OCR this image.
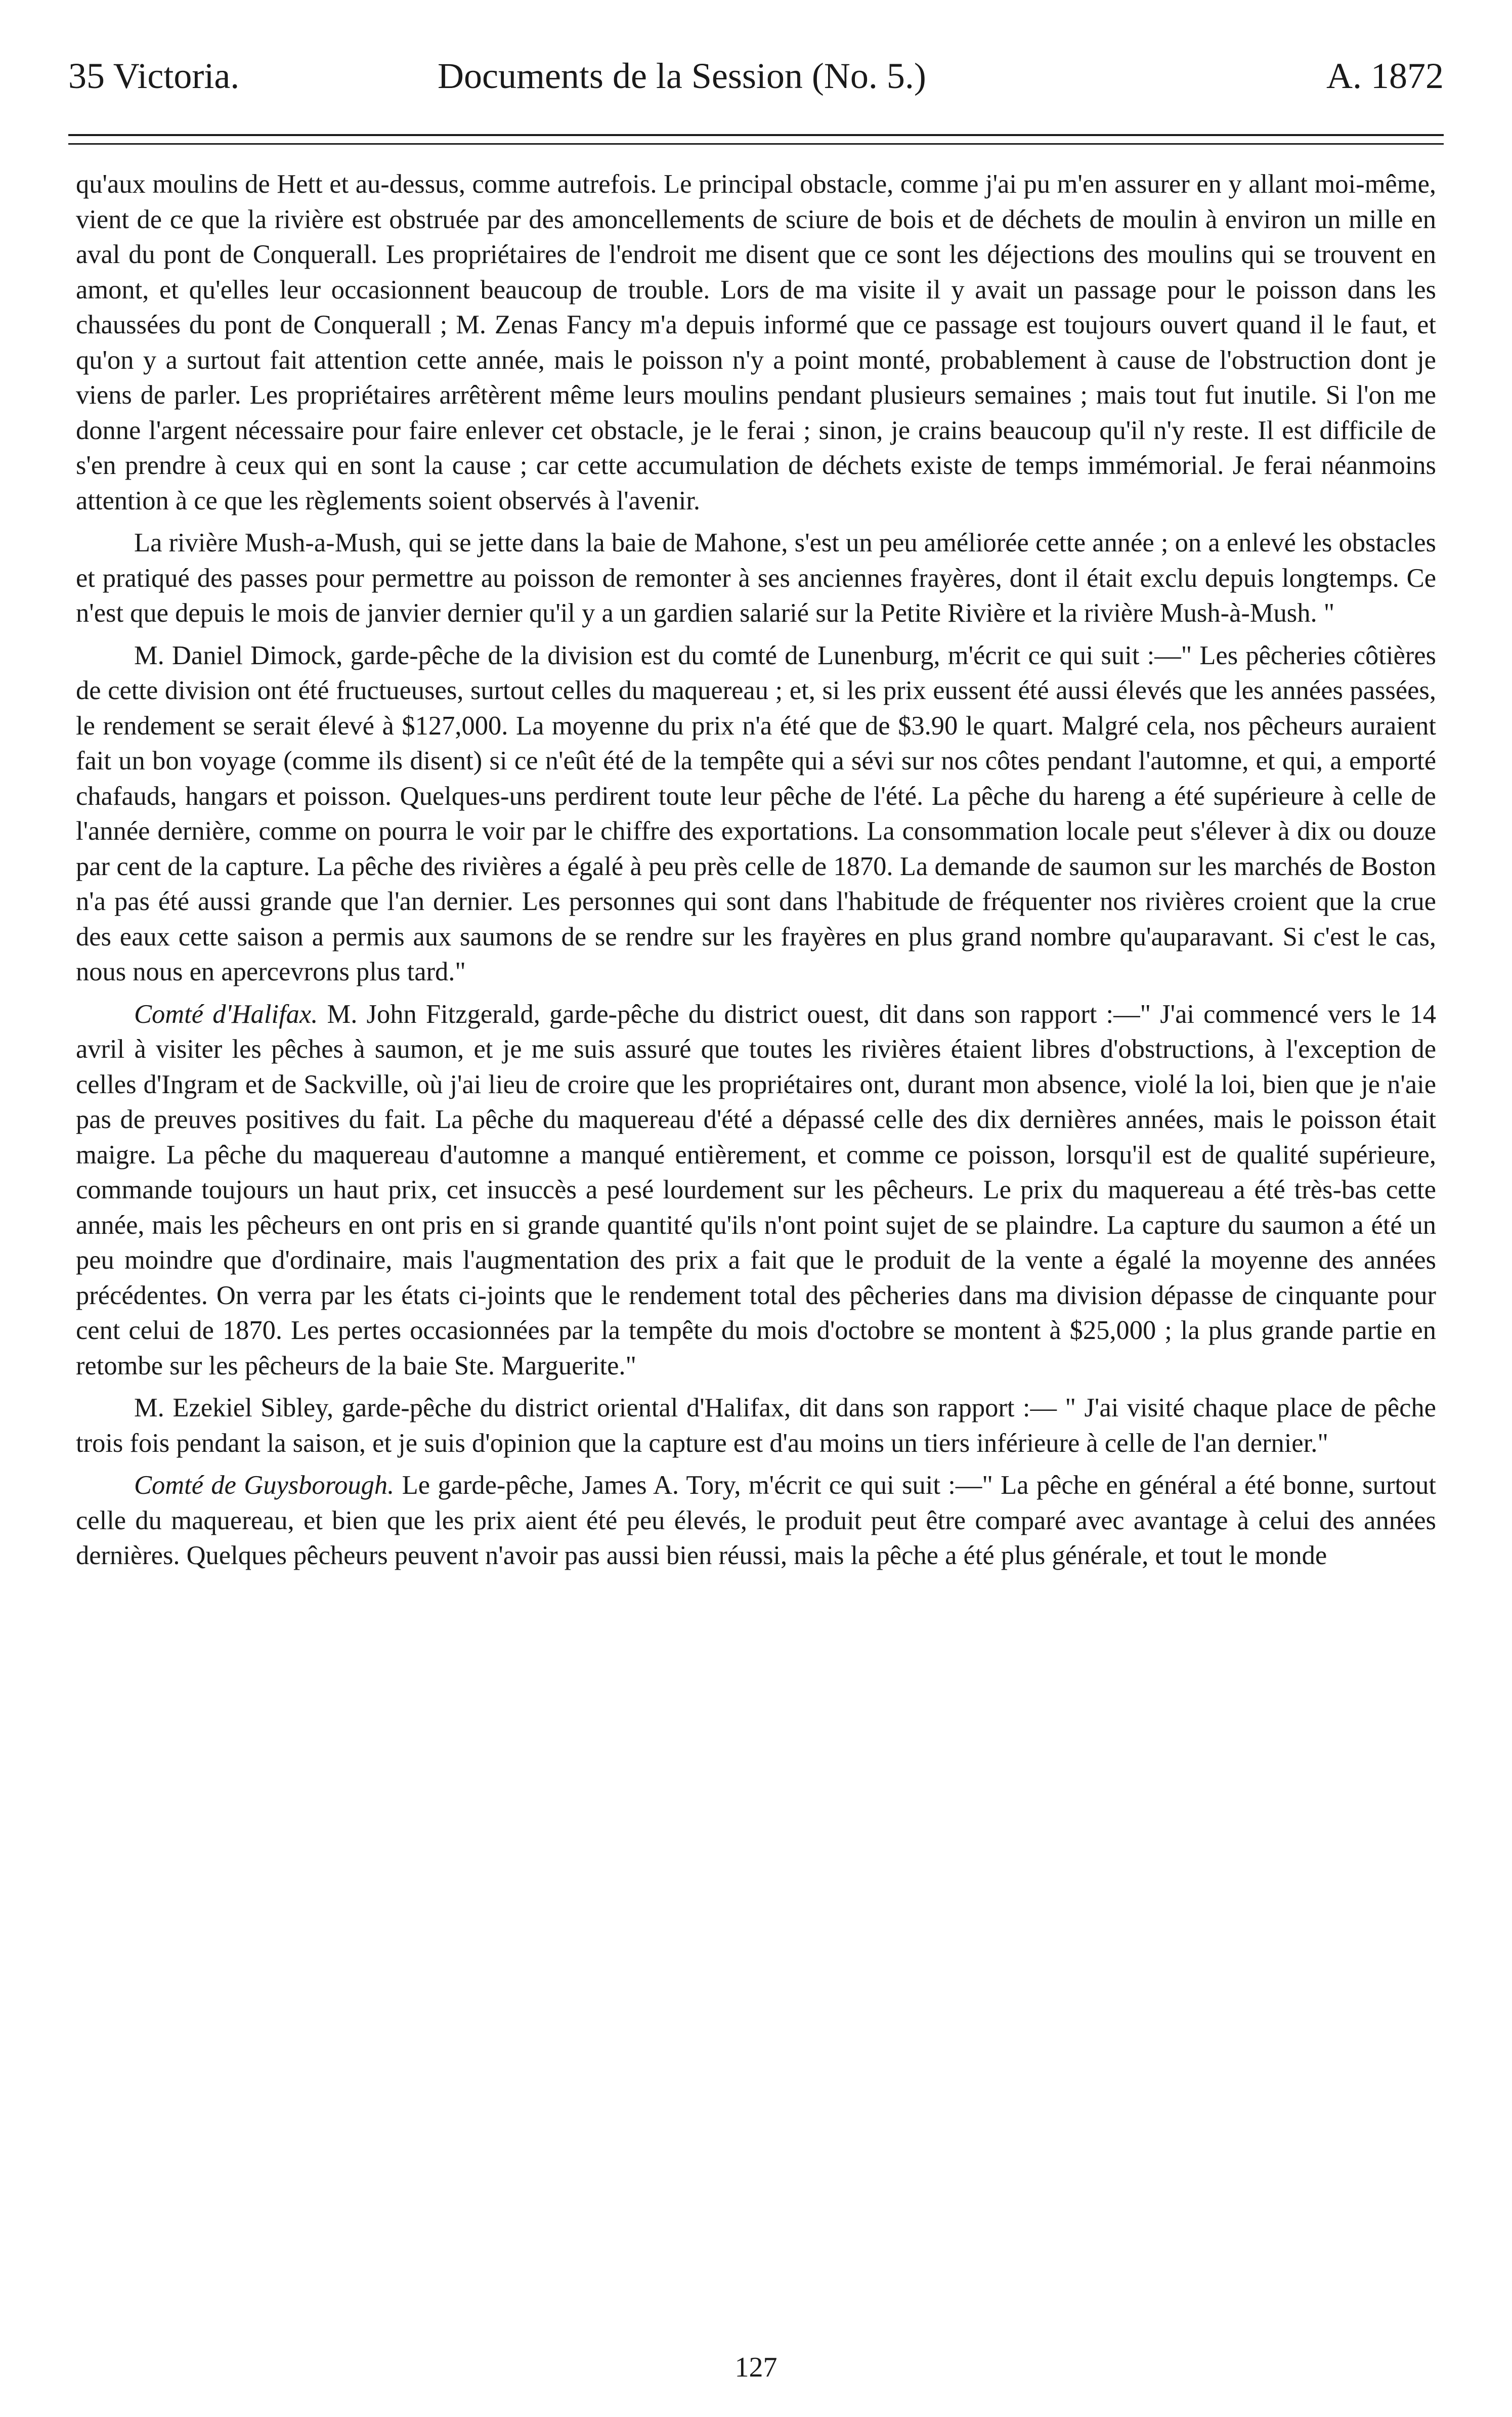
35 Victoria.	Documents de la Session (No. 5.)	A. 1872

qu'aux moulins de Hett et au-dessus, comme autrefois. Le principal obstacle, comme j'ai pu m'en assurer en y allant moi-même, vient de ce que la rivière est obstruée par des amoncellements de sciure de bois et de déchets de moulin à environ un mille en aval du pont de Conquerall. Les propriétaires de l'endroit me disent que ce sont les déjections des moulins qui se trouvent en amont, et qu'elles leur occasionnent beaucoup de trouble. Lors de ma visite il y avait un passage pour le poisson dans les chaussées du pont de Conquerall ; M. Zenas Fancy m'a depuis informé que ce passage est toujours ouvert quand il le faut, et qu'on y a surtout fait attention cette année, mais le poisson n'y a point monté, probablement à cause de l'obstruction dont je viens de parler. Les propriétaires arrêtèrent même leurs moulins pendant plusieurs semaines ; mais tout fut inutile. Si l'on me donne l'argent nécessaire pour faire enlever cet obstacle, je le ferai ; sinon, je crains beaucoup qu'il n'y reste. Il est difficile de s'en prendre à ceux qui en sont la cause ; car cette accumulation de déchets existe de temps immémorial. Je ferai néanmoins attention à ce que les règlements soient observés à l'avenir.

La rivière Mush-a-Mush, qui se jette dans la baie de Mahone, s'est un peu améliorée cette année ; on a enlevé les obstacles et pratiqué des passes pour permettre au poisson de remonter à ses anciennes frayères, dont il était exclu depuis longtemps. Ce n'est que depuis le mois de janvier dernier qu'il y a un gardien salarié sur la Petite Rivière et la rivière Mush-à-Mush. "

M. Daniel Dimock, garde-pêche de la division est du comté de Lunenburg, m'écrit ce qui suit :—" Les pêcheries côtières de cette division ont été fructueuses, surtout celles du maquereau ; et, si les prix eussent été aussi élevés que les années passées, le rendement se serait élevé à $127,000. La moyenne du prix n'a été que de $3.90 le quart. Malgré cela, nos pêcheurs auraient fait un bon voyage (comme ils disent) si ce n'eût été de la tempête qui a sévi sur nos côtes pendant l'automne, et qui, a emporté chafauds, hangars et poisson. Quelques-uns perdirent toute leur pêche de l'été. La pêche du hareng a été supérieure à celle de l'année dernière, comme on pourra le voir par le chiffre des exportations. La consommation locale peut s'élever à dix ou douze par cent de la capture. La pêche des rivières a égalé à peu près celle de 1870. La demande de saumon sur les marchés de Boston n'a pas été aussi grande que l'an dernier. Les personnes qui sont dans l'habitude de fréquenter nos rivières croient que la crue des eaux cette saison a permis aux saumons de se rendre sur les frayères en plus grand nombre qu'auparavant. Si c'est le cas, nous nous en apercevrons plus tard."

Comté d'Halifax. M. John Fitzgerald, garde-pêche du district ouest, dit dans son rapport :—" J'ai commencé vers le 14 avril à visiter les pêches à saumon, et je me suis assuré que toutes les rivières étaient libres d'obstructions, à l'exception de celles d'Ingram et de Sackville, où j'ai lieu de croire que les propriétaires ont, durant mon absence, violé la loi, bien que je n'aie pas de preuves positives du fait. La pêche du maquereau d'été a dépassé celle des dix dernières années, mais le poisson était maigre. La pêche du maquereau d'automne a manqué entièrement, et comme ce poisson, lorsqu'il est de qualité supérieure, commande toujours un haut prix, cet insuccès a pesé lourdement sur les pêcheurs. Le prix du maquereau a été très-bas cette année, mais les pêcheurs en ont pris en si grande quantité qu'ils n'ont point sujet de se plaindre. La capture du saumon a été un peu moindre que d'ordinaire, mais l'augmentation des prix a fait que le produit de la vente a égalé la moyenne des années précédentes. On verra par les états ci-joints que le rendement total des pêcheries dans ma division dépasse de cinquante pour cent celui de 1870. Les pertes occasionnées par la tempête du mois d'octobre se montent à $25,000 ; la plus grande partie en retombe sur les pêcheurs de la baie Ste. Marguerite."

M. Ezekiel Sibley, garde-pêche du district oriental d'Halifax, dit dans son rapport :— " J'ai visité chaque place de pêche trois fois pendant la saison, et je suis d'opinion que la capture est d'au moins un tiers inférieure à celle de l'an dernier."

Comté de Guysborough. Le garde-pêche, James A. Tory, m'écrit ce qui suit :—" La pêche en général a été bonne, surtout celle du maquereau, et bien que les prix aient été peu élevés, le produit peut être comparé avec avantage à celui des années dernières. Quelques pêcheurs peuvent n'avoir pas aussi bien réussi, mais la pêche a été plus générale, et tout le monde

127
